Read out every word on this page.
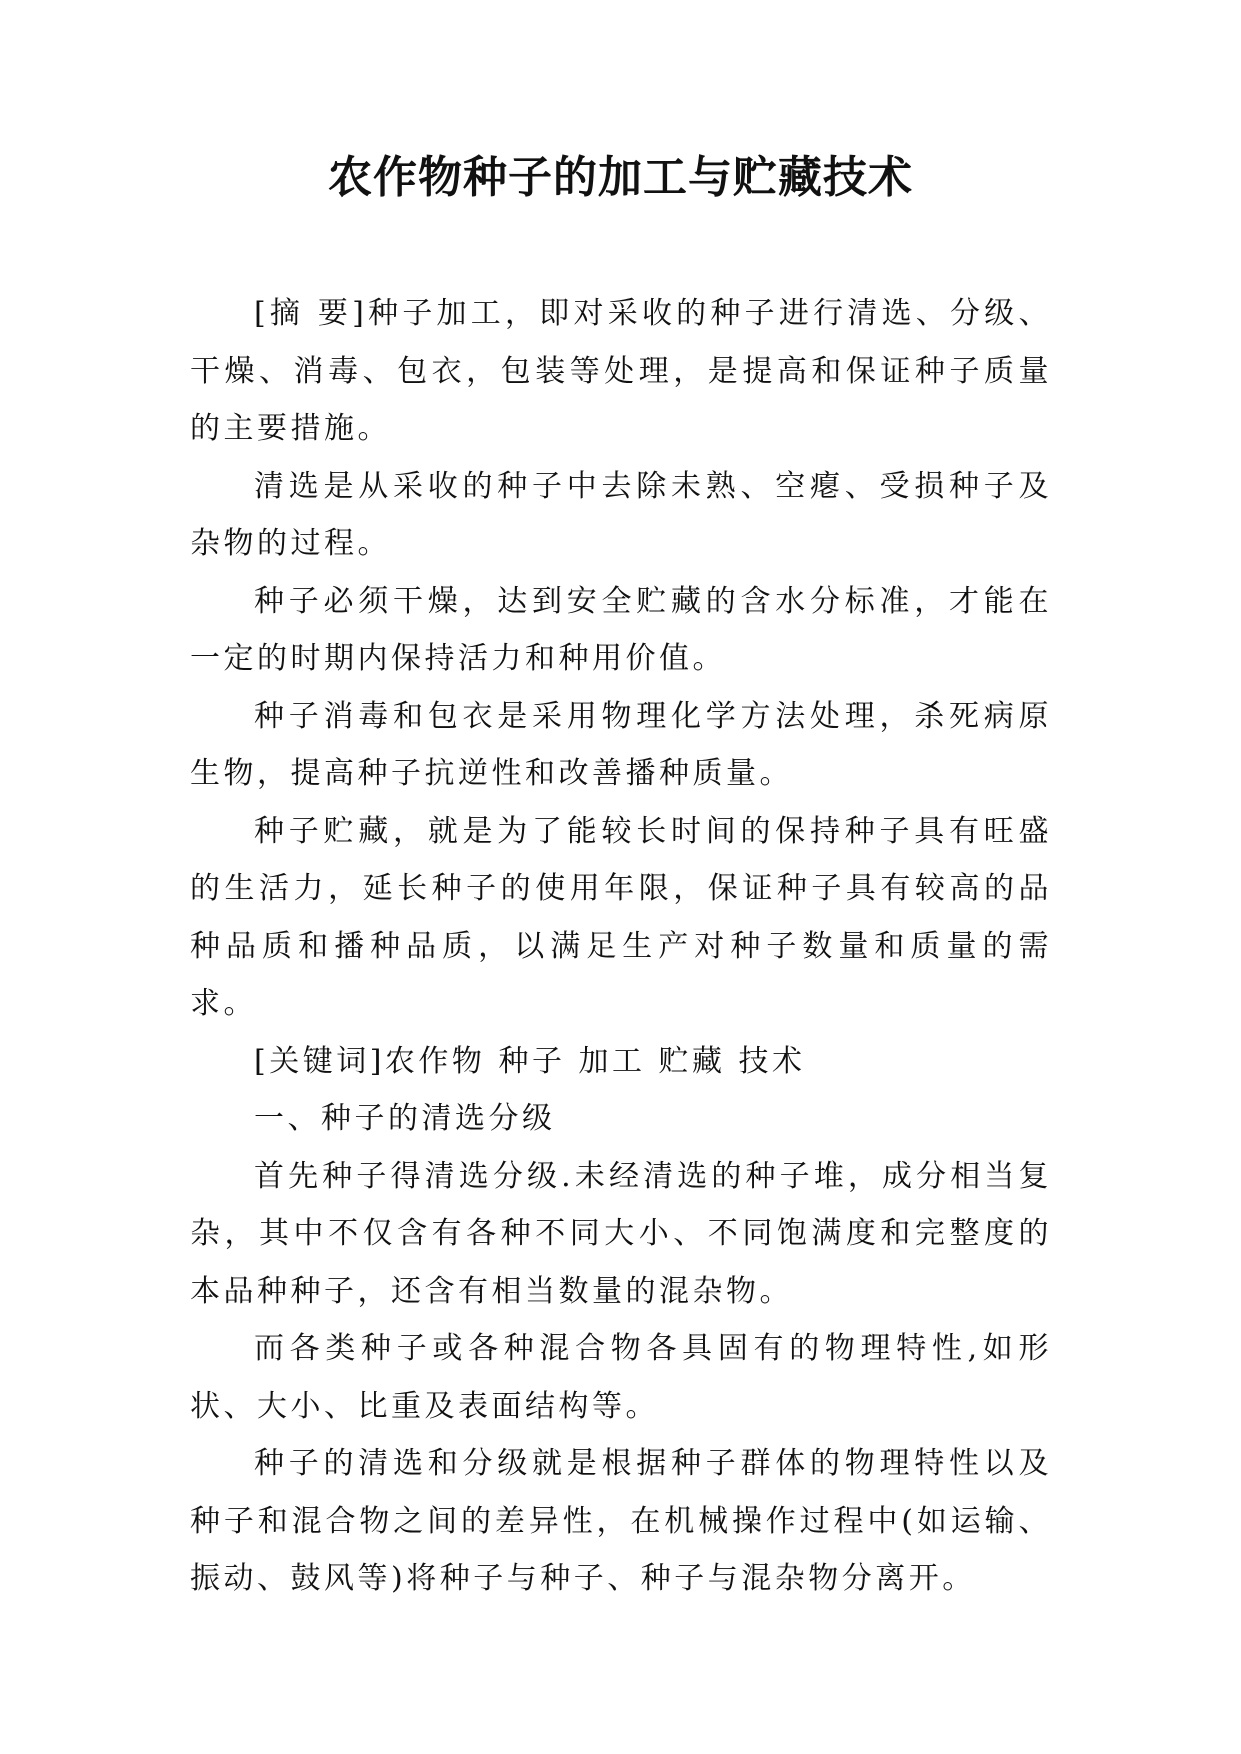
农作物种子的加工与贮藏技术

[摘 要]种子加工，即对采收的种子进行清选、分级、干燥、消毒、包衣，包装等处理，是提高和保证种子质量的主要措施。

清选是从采收的种子中去除未熟、空瘪、受损种子及杂物的过程。

种子必须干燥，达到安全贮藏的含水分标准，才能在一定的时期内保持活力和种用价值。

种子消毒和包衣是采用物理化学方法处理，杀死病原生物，提高种子抗逆性和改善播种质量。

种子贮藏，就是为了能较长时间的保持种子具有旺盛的生活力，延长种子的使用年限，保证种子具有较高的品种品质和播种品质，以满足生产对种子数量和质量的需求。

[关键词]农作物 种子 加工 贮藏 技术

一、种子的清选分级

首先种子得清选分级.未经清选的种子堆，成分相当复杂，其中不仅含有各种不同大小、不同饱满度和完整度的本品种种子，还含有相当数量的混杂物。

而各类种子或各种混合物各具固有的物理特性,如形状、大小、比重及表面结构等。

种子的清选和分级就是根据种子群体的物理特性以及种子和混合物之间的差异性，在机械操作过程中(如运输、振动、鼓风等)将种子与种子、种子与混杂物分离开。
